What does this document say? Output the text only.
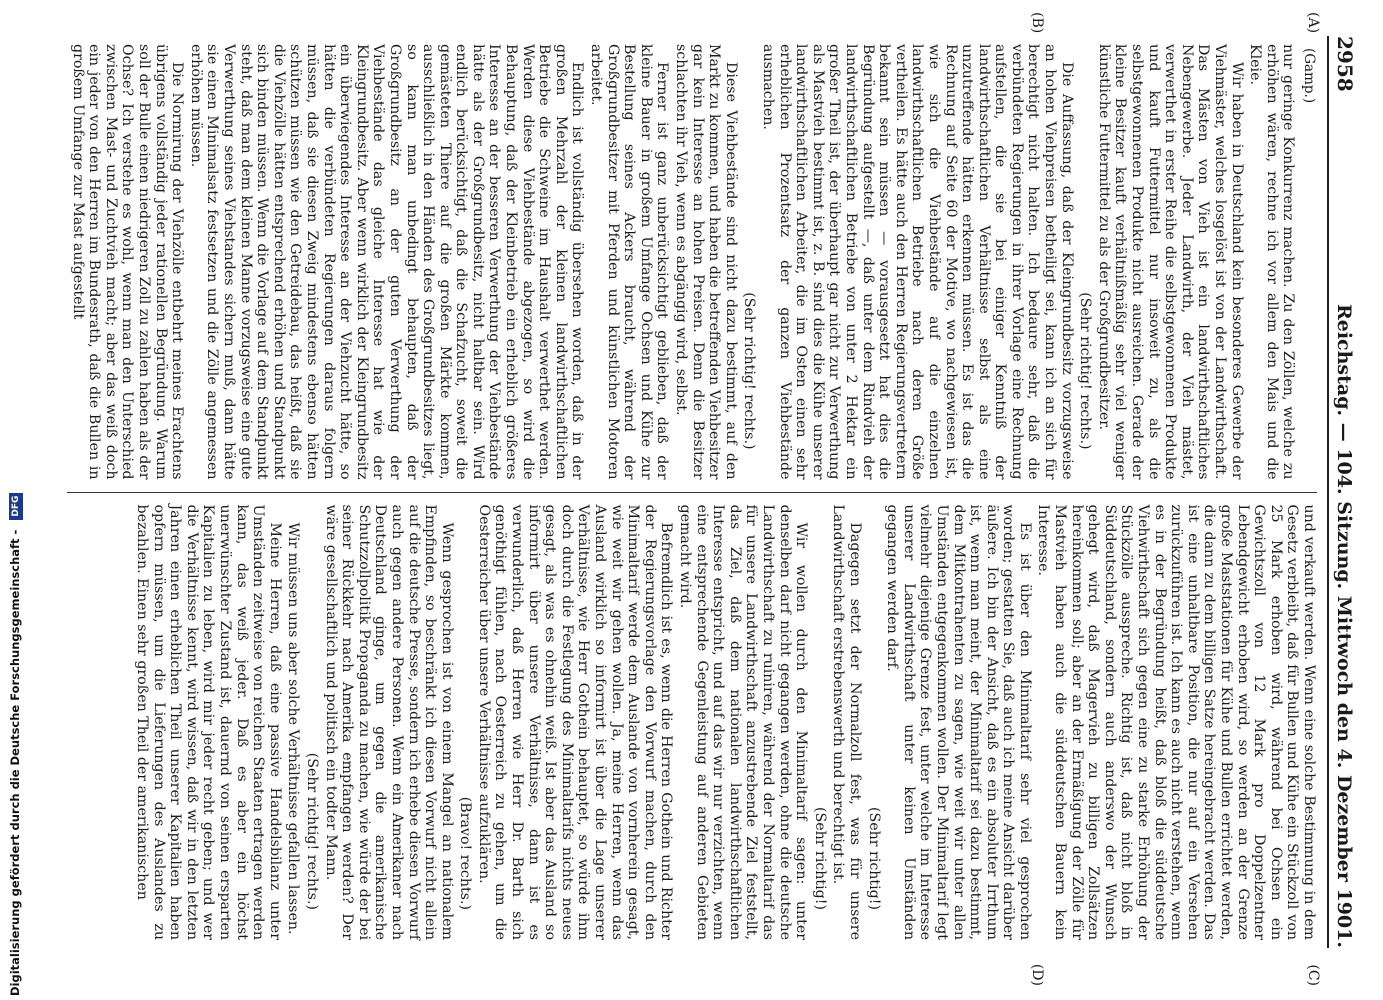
Digitalisierung gefördert durch die Deutsche Forschungsgemeinschaft - DFG
2958
Reichstag. — 104. Sitzung. Mittwoch den 4. Dezember 1901.
(A)
(B)
(C)
(D)
(Gamp.)

nur geringe Konkurrenz machen. Zu den Zöllen, welche zu erhöhen wären, rechne ich vor allem den Mais und die Kleie.

Wir haben in Deutschland kein besonderes Gewerbe der Viehmäster, welches losgelöst ist von der Landwirthschaft. Das Mästen von Vieh ist ein landwirthschaftliches Nebengewerbe. Jeder Landwirth, der Vieh mästet, verwerthet in erster Reihe die selbstgewonnenen Produkte und kauft Futtermittel nur insoweit zu, als die selbstgewonnenen Produkte nicht ausreichen. Gerade der kleine Besitzer kauft verhältnißmäßig sehr viel weniger künstliche Futtermittel zu als der Großgrundbesitzer.

(Sehr richtig! rechts.)

Die Auffassung, daß der Kleingrundbesitz vorzugsweise an hohen Viehpreisen betheiligt sei, kann ich an sich für berechtigt nicht halten. Ich bedaure sehr, daß die verbündeten Regierungen in ihrer Vorlage eine Rechnung aufstellen, die sie bei einiger Kenntniß der landwirthschaftlichen Verhältnisse selbst als eine unzutreffende hätten erkennen müssen. Es ist das die Rechnung auf Seite 60 der Motive, wo nachgewiesen ist, wie sich die Viehbestände auf die einzelnen landwirthschaftlichen Betriebe nach deren Größe vertheilen. Es hätte auch den Herren Regierungsvertretern bekannt sein müssen — vorausgesetzt hat dies die Begründung aufgestellt —, daß unter dem Rindvieh der landwirthschaftlichen Betriebe von unter 2 Hektar ein großer Theil ist, der überhaupt gar nicht zur Verwerthung als Mastvieh bestimmt ist, z. B. sind dies die Kühe unserer landwirthschaftlichen Arbeiter, die im Osten einen sehr erheblichen Prozentsatz der ganzen Viehbestände ausmachen.

(Sehr richtig! rechts.)

Diese Viehbestände sind nicht dazu bestimmt, auf den Markt zu kommen, und haben die betreffenden Viehbesitzer gar kein Interesse an hohen Preisen. Denn die Besitzer schlachten ihr Vieh, wenn es abgängig wird, selbst.

Ferner ist ganz unberücksichtigt geblieben, daß der kleine Bauer in großem Umfange Ochsen und Kühe zur Bestellung seines Ackers braucht, während der Großgrundbesitzer mit Pferden und künstlichen Motoren arbeitet.

Endlich ist vollständig übersehen worden, daß in der großen Mehrzahl der kleinen landwirthschaftlichen Betriebe die Schweine im Haushalt verwerthet werden. Werden diese Viehbestände abgezogen, so wird die Behauptung, daß der Kleinbetrieb ein erheblich größeres Interesse an der besseren Verwerthung der Viehbestände hätte als der Großgrundbesitz, nicht haltbar sein. Wird endlich berücksichtigt, daß die Schafzucht, soweit die gemästeten Thiere auf die großen Märkte kommen, ausschließlich in den Händen des Großgrundbesitzes liegt, so kann man unbedingt behaupten, daß der Großgrundbesitz an der guten Verwerthung der Viehbestände das gleiche Interesse hat wie der Kleingrundbesitz. Aber wenn wirklich der Kleingrundbesitz ein überwiegendes Interesse an der Viehzucht hätte, so hätten die verbündeten Regierungen daraus folgern müssen, daß sie diesen Zweig mindestens ebenso hätten schützen müssen wie den Getreidebau, das heißt, daß sie die Viehzölle hätten entsprechend erhöhen und Standpunkt sich binden müssen. Wenn die Vorlage auf dem Standpunkt steht, daß man dem kleinen Manne vorzugsweise eine gute Verwerthung seines Viehstandes sichern muß, dann hätte sie einen Minimalsatz festsetzen und die Zölle angemessen erhöhen müssen.

Die Normirung der Viehzölle entbehrt meines Erachtens übrigens vollständig jeder rationellen Begründung. Warum soll der Bulle einen niedrigeren Zoll zu zahlen haben als der Ochse? Ich verstehe es wohl, wenn man den Unterschied zwischen Mast- und Zuchtvieh macht; aber das weiß doch ein jeder von den Herren im Bundesrath, daß die Bullen in großem Umfange zur Mast aufgestellt

und verkauft werden. Wenn eine solche Bestimmung in dem Gesetz verbleibt, daß für Bullen und Kühe ein Stückzoll von 25 Mark erhoben wird, während bei Ochsen ein Gewichtszoll von 12 Mark pro Doppelzentner Lebendgewicht erhoben wird, so werden an der Grenze große Maststationen für Kühe und Bullen errichtet werden, die dann zu dem billigen Satze hereingebracht werden. Das ist eine unhaltbare Position, die nur auf ein Versehen zurückzuführen ist. Ich kann es auch nicht verstehen, wenn es in der Begründung heißt, daß bloß die süddeutsche Viehwirthschaft sich gegen eine zu starke Erhöhung der Stückzölle ausspreche. Richtig ist, daß nicht bloß in Süddeutschland, sondern auch anderswo der Wunsch gehegt wird, daß Magervieh zu billigen Zollsätzen hereinkommen soll; aber an der Ermäßigung der Zölle für Mastvieh haben auch die süddeutschen Bauern kein Interesse.

Es ist über den Minimaltarif sehr viel gesprochen worden; gestatten Sie, daß auch ich meine Ansicht darüber äußere. Ich bin der Ansicht, daß es ein absoluter Irrthum ist, wenn man meint, der Minimaltarif sei dazu bestimmt, dem Mitkontrahenten zu sagen, wie weit wir unter allen Umständen entgegenkommen wollen. Der Minimaltarif legt vielmehr diejenige Grenze fest, unter welche im Interesse unserer Landwirthschaft unter keinen Umständen gegangen werden darf.

(Sehr richtig!)

Dagegen setzt der Normalzoll fest, was für unsere Landwirthschaft erstrebenswerth und berechtigt ist.

(Sehr richtig!)

Wir wollen durch den Minimaltarif sagen: unter denselben darf nicht gegangen werden, ohne die deutsche Landwirthschaft zu ruiniren, während der Normaltarif das für unsere Landwirthschaft anzustrebende Ziel feststellt, das Ziel, daß dem nationalen landwirthschaftlichen Interesse entspricht, und auf das wir nur verzichten, wenn eine entsprechende Gegenleistung auf anderen Gebieten gemacht wird.

Befremdlich ist es, wenn die Herren Gothein und Richter der Regierungsvorlage den Vorwurf machen, durch den Minimaltarif werde dem Auslande von vornherein gesagt, wie weit wir gehen wollen. Ja, meine Herren, wenn das Ausland wirklich so informirt ist über die Lage unserer Verhältnisse, wie Herr Gothein behauptet, so würde ihm doch durch die Festlegung des Minimaltarifs nichts neues gesagt, als was es ohnehin weiß. Ist aber das Ausland so informirt über unsere Verhältnisse, dann ist es verwunderlich, daß Herren wie Herr Dr. Barth sich genöthigt fühlen, nach Oesterreich zu gehen, um die Oesterreicher über unsere Verhältnisse aufzuklären.

(Bravo! rechts.)

Wenn gesprochen ist von einem Mangel an nationalem Empfinden, so beschränkt ich diesen Vorwurf nicht allein auf die deutsche Presse, sondern ich erhebe diesen Vorwurf auch gegen andere Personen. Wenn ein Amerikaner nach Deutschland ginge, um gegen die amerikanische Schutzzollpolitik Propaganda zu machen, wie würde der bei seiner Rückkehr nach Amerika empfangen werden? Der wäre gesellschaftlich und politisch ein todter Mann.

(Sehr richtig! rechts.)

Wir müssen uns aber solche Verhältnisse gefallen lassen.

Meine Herren, daß eine passive Handelsbilanz unter Umständen zeitweise von reichen Staaten ertragen werden kann, das weiß jeder. Daß es aber ein höchst unerwünschter Zustand ist, dauernd von seinen ersparten Kapitalien zu leben, wird mir jeder recht geben; und wer die Verhältnisse kennt, wird wissen, daß wir in den letzten Jahren einen erheblichen Theil unserer Kapitalien haben opfern müssen, um die Lieferungen des Auslandes zu bezahlen. Einen sehr großen Theil der amerikanischen
